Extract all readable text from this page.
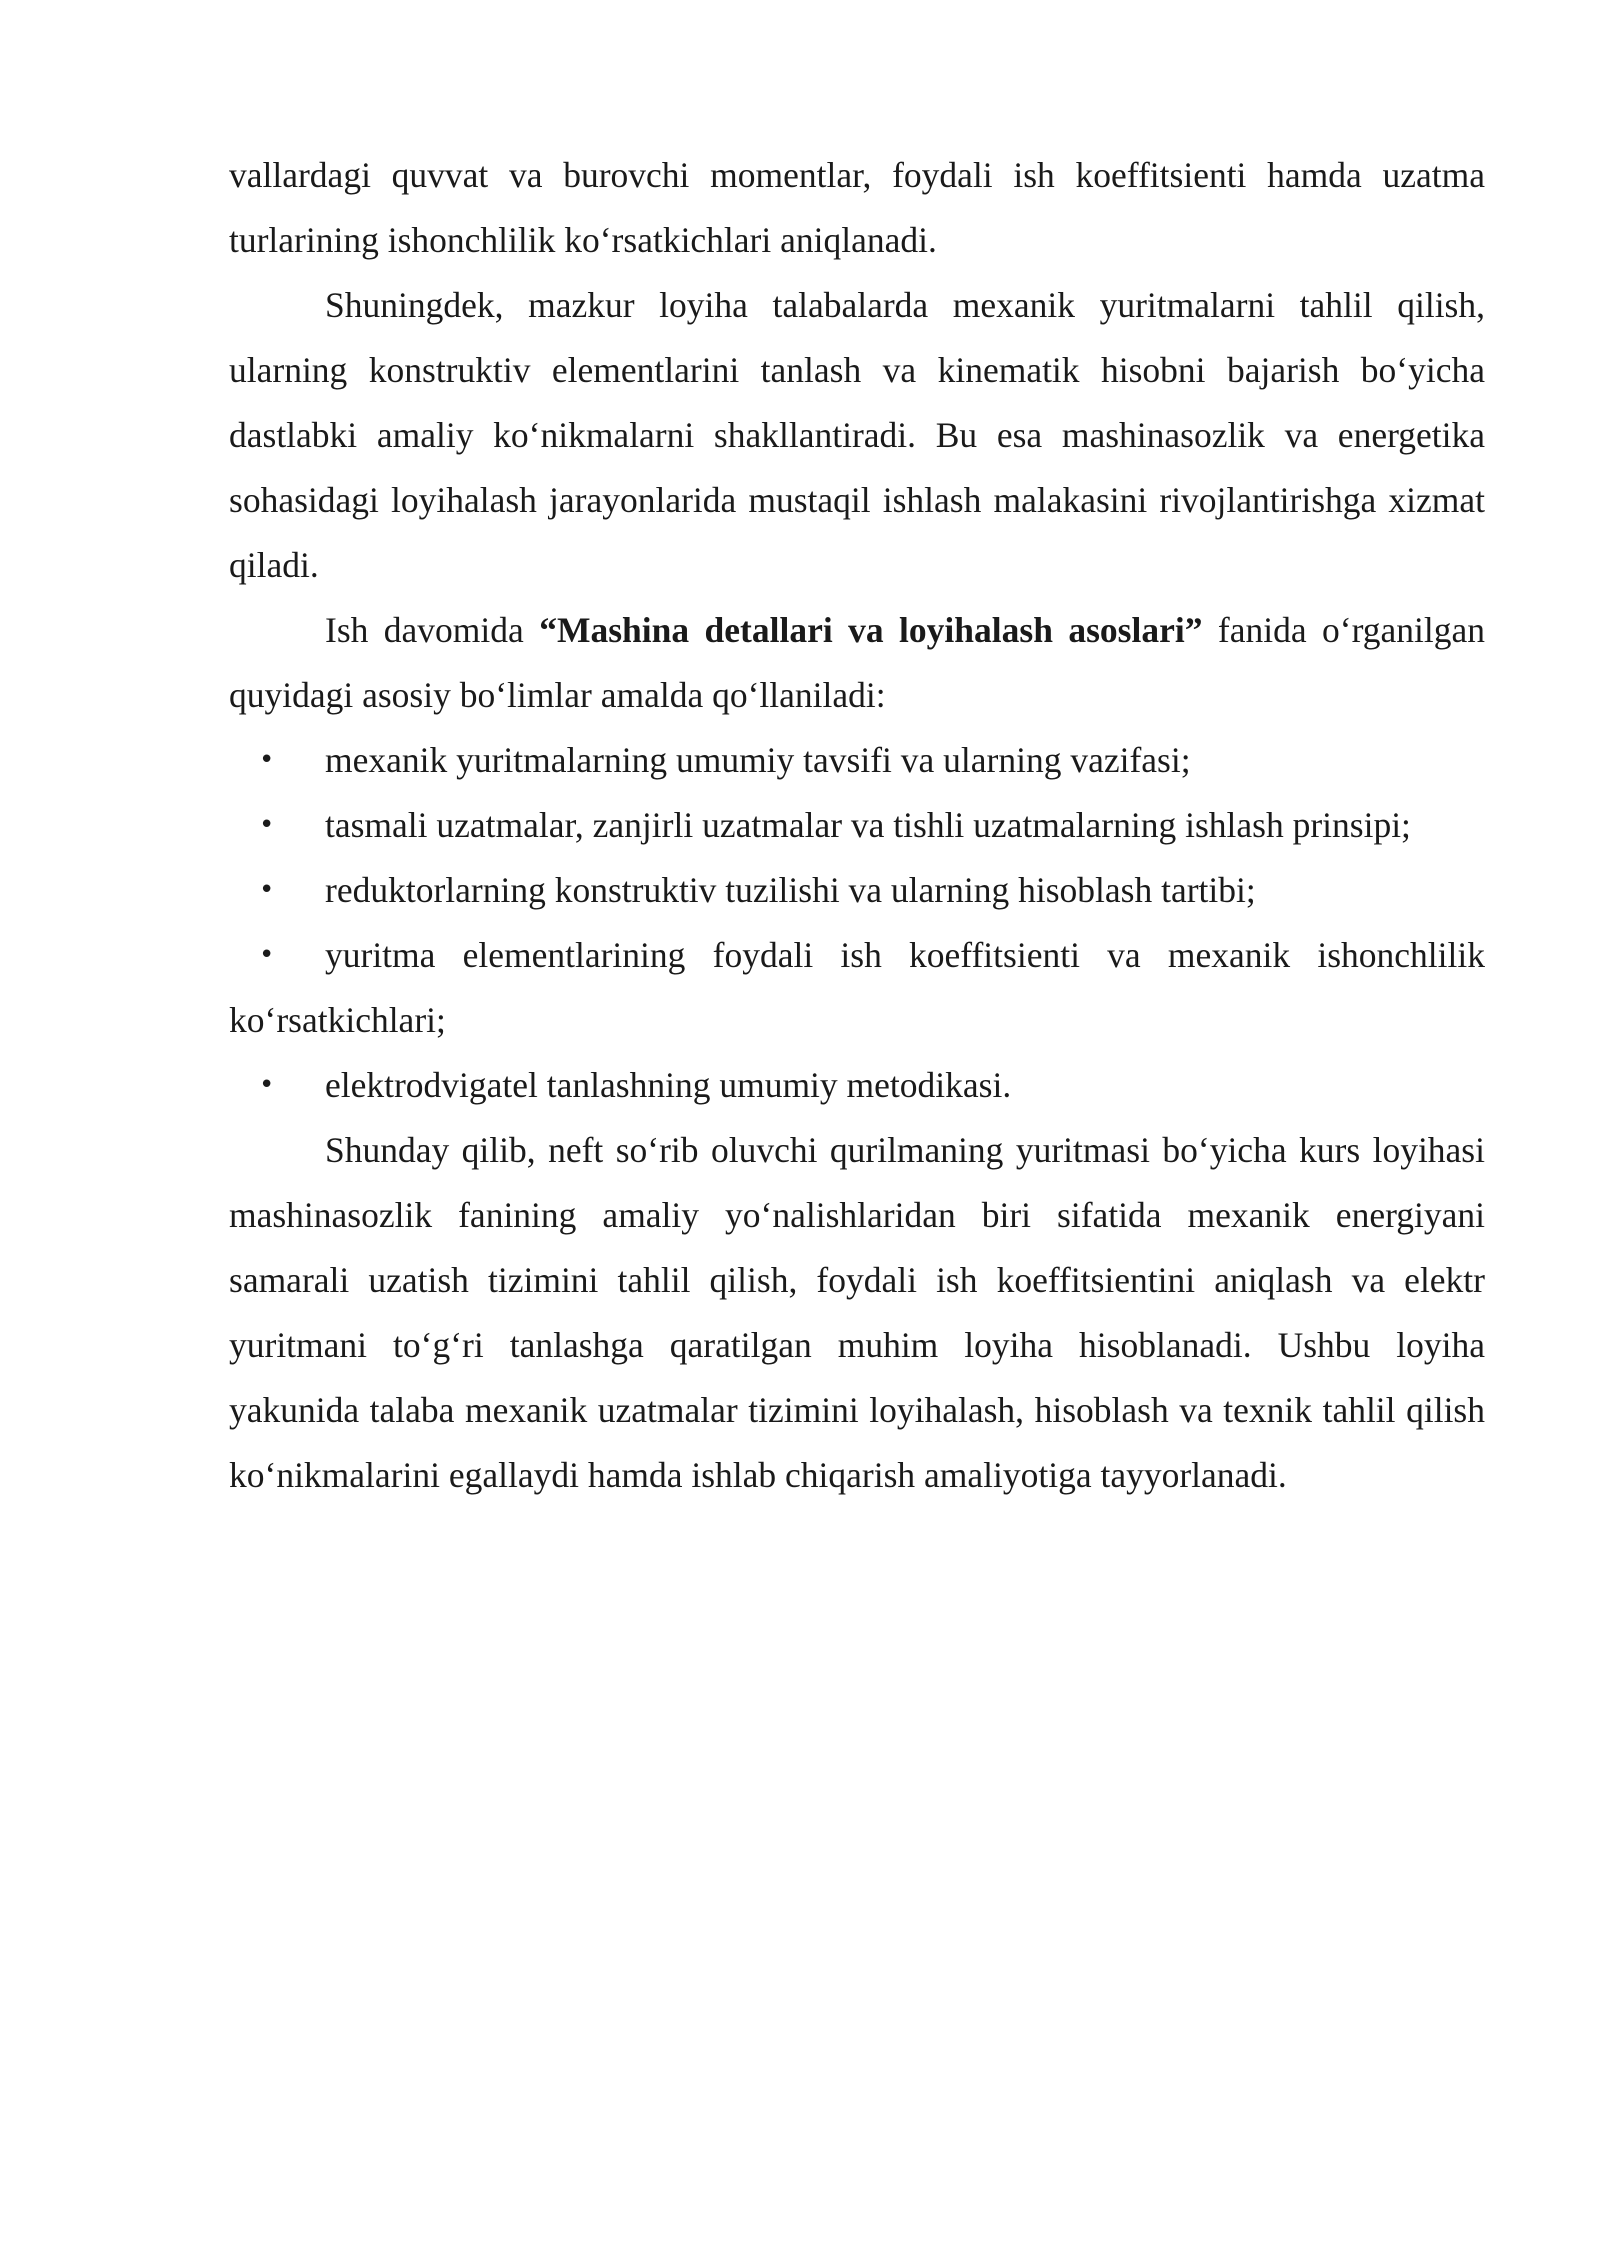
vallardagi quvvat va burovchi momentlar, foydali ish koeffitsienti hamda uzatma turlarining ishonchlilik ko‘rsatkichlari aniqlanadi.

Shuningdek, mazkur loyiha talabalarda mexanik yuritmalarni tahlil qilish, ularning konstruktiv elementlarini tanlash va kinematik hisobni bajarish bo‘yicha dastlabki amaliy ko‘nikmalarni shakllantiradi. Bu esa mashinasozlik va energetika sohasidagi loyihalash jarayonlarida mustaqil ishlash malakasini rivojlantirishga xizmat qiladi.

Ish davomida “Mashina detallari va loyihalash asoslari” fanida o‘rganilgan quyidagi asosiy bo‘limlar amalda qo‘llaniladi:

• mexanik yuritmalarning umumiy tavsifi va ularning vazifasi;
• tasmali uzatmalar, zanjirli uzatmalar va tishli uzatmalarning ishlash prinsipi;
• reduktorlarning konstruktiv tuzilishi va ularning hisoblash tartibi;
• yuritma elementlarining foydali ish koeffitsienti va mexanik ishonchlilik ko‘rsatkichlari;
• elektrodvigatel tanlashning umumiy metodikasi.

Shunday qilib, neft so‘rib oluvchi qurilmaning yuritmasi bo‘yicha kurs loyihasi mashinasozlik fanining amaliy yo‘nalishlaridan biri sifatida mexanik energiyani samarali uzatish tizimini tahlil qilish, foydali ish koeffitsientini aniqlash va elektr yuritmani to‘g‘ri tanlashga qaratilgan muhim loyiha hisoblanadi. Ushbu loyiha yakunida talaba mexanik uzatmalar tizimini loyihalash, hisoblash va texnik tahlil qilish ko‘nikmalarini egallaydi hamda ishlab chiqarish amaliyotiga tayyorlanadi.
